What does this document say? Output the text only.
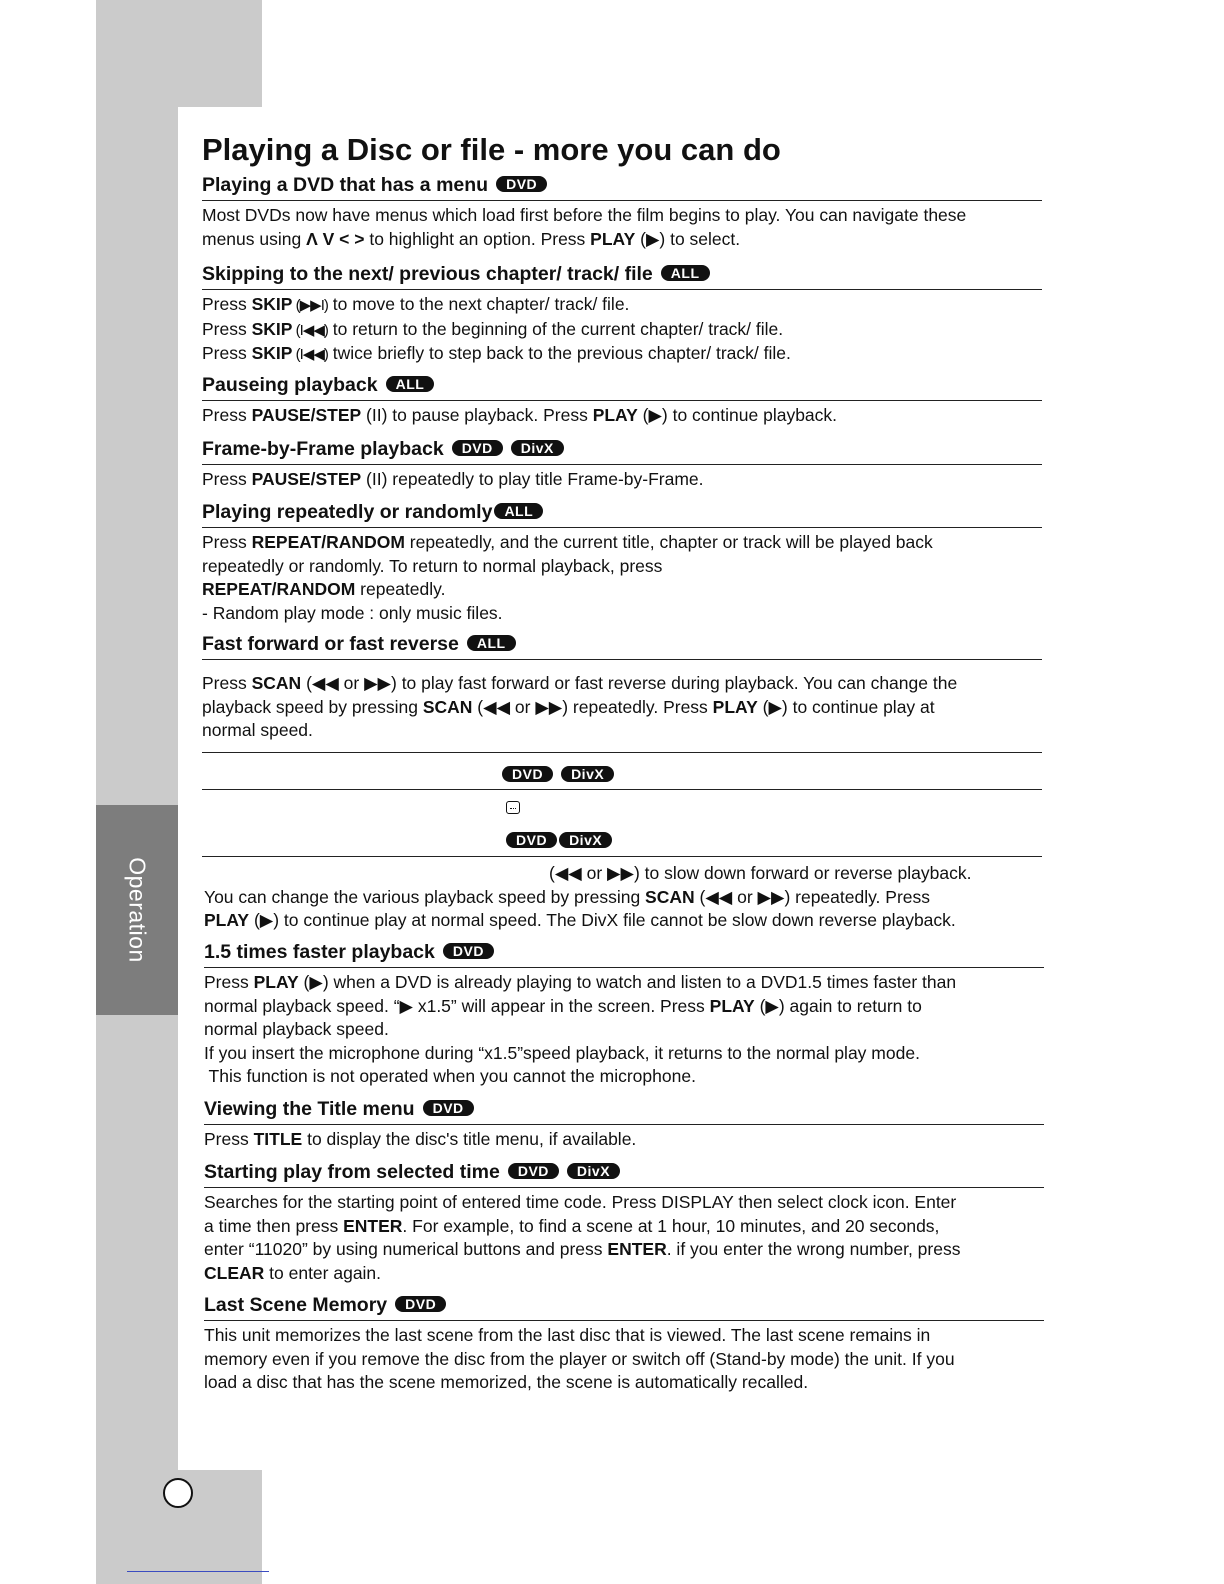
Operation
Playing a Disc or file - more you can do
Playing a DVD that has a menu DVD

Most DVDs now have menus which load first before the film begins to play. You can navigate these

menus using Λ V < > to highlight an option. Press PLAY (▶) to select.

Skipping to the next/ previous chapter/ track/ file ALL

Press SKIP (▶▶I) to move to the next chapter/ track/ file.

Press SKIP (I◀◀) to return to the beginning of the current chapter/ track/ file.

Press SKIP (I◀◀) twice briefly to step back to the previous chapter/ track/ file.

Pauseing playback ALL

Press PAUSE/STEP (II) to pause playback. Press PLAY (▶) to continue playback.

Frame-by-Frame playback DVD DivX

Press PAUSE/STEP (II) repeatedly to play title Frame-by-Frame.

Playing repeatedly or randomly ALL

Press REPEAT/RANDOM repeatedly, and the current title, chapter or track will be played back

repeatedly or randomly. To return to normal playback, press

REPEAT/RANDOM repeatedly.

- Random play mode : only music files.

Fast forward or fast reverse ALL

Press SCAN (◀◀ or ▶▶) to play fast forward or fast reverse during playback. You can change the

playback speed by pressing SCAN (◀◀ or ▶▶) repeatedly. Press PLAY (▶) to continue play at

normal speed.

DVD DivX
DVD DivX

(◀◀ or ▶▶) to slow down forward or reverse playback.

You can change the various playback speed by pressing SCAN (◀◀ or ▶▶) repeatedly. Press

PLAY (▶) to continue play at normal speed. The DivX file cannot be slow down reverse playback.

1.5 times faster playback DVD

Press PLAY (▶) when a DVD is already playing to watch and listen to a DVD1.5 times faster than

normal playback speed. “▶ x1.5” will appear in the screen. Press PLAY (▶) again to return to

normal playback speed.

If you insert the microphone during “x1.5”speed playback, it returns to the normal play mode.

This function is not operated when you cannot the microphone.

Viewing the Title menu DVD

Press TITLE to display the disc's title menu, if available.

Starting play from selected time DVD DivX

Searches for the starting point of entered time code. Press DISPLAY then select clock icon. Enter

a time then press ENTER. For example, to find a scene at 1 hour, 10 minutes, and 20 seconds,

enter “11020” by using numerical buttons and press ENTER. if you enter the wrong number, press

CLEAR to enter again.

Last Scene Memory DVD

This unit memorizes the last scene from the last disc that is viewed. The last scene remains in

memory even if you remove the disc from the player or switch off (Stand-by mode) the unit. If you

load a disc that has the scene memorized, the scene is automatically recalled.
